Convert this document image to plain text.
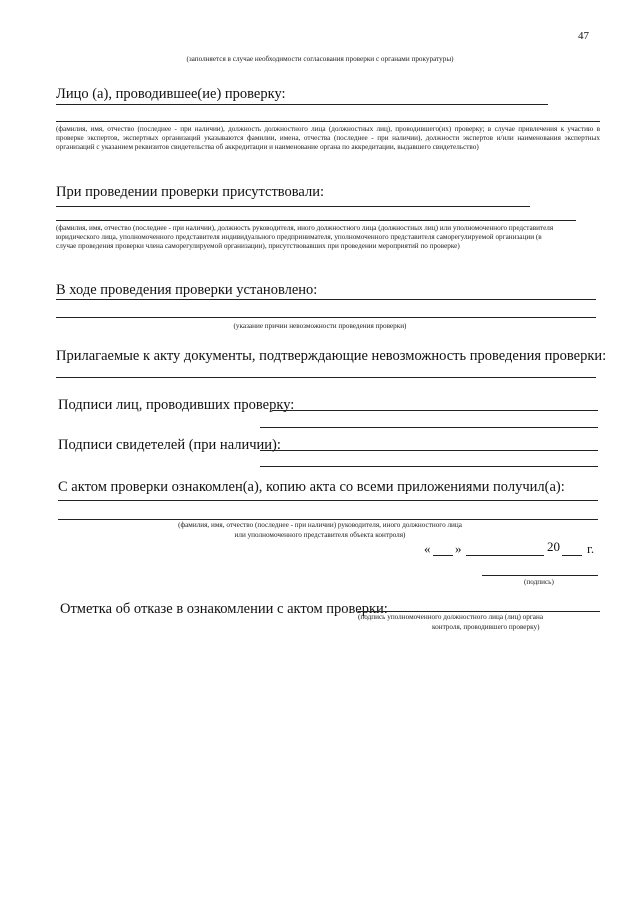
47
(заполняется в случае необходимости согласования проверки с органами прокуратуры)
Лицо (а), проводившее(ие) проверку:
(фамилия, имя, отчество (последнее - при наличии), должность должностного лица (должностных лиц), проводившего(их) проверку; в случае привлечения к участию в проверке экспертов, экспертных организаций указываются фамилии, имена, отчества (последнее - при наличии), должности экспертов и/или наименования экспертных организаций с указанием реквизитов свидетельства об аккредитации и наименование органа по аккредитации, выдавшего свидетельство)
При проведении проверки присутствовали:
(фамилия, имя, отчество (последнее - при наличии), должность руководителя, иного должностного лица (должностных лиц) или уполномоченного представителя юридического лица, уполномоченного представителя индивидуального предпринимателя, уполномоченного представителя саморегулируемой организации (в случае проведения проверки члена саморегулируемой организации), присутствовавших при проведении мероприятий по проверке)
В ходе проведения проверки установлено:
(указание причин невозможности проведения проверки)
Прилагаемые к акту документы, подтверждающие невозможность проведения проверки:
Подписи лиц, проводивших проверку:
Подписи свидетелей (при наличии):
С актом проверки ознакомлен(а), копию акта со всеми приложениями получил(а):
(фамилия, имя, отчество (последнее - при наличии) руководителя, иного должностного лица
или уполномоченного представителя объекта контроля)
« »	20 г.
(подпись)
Отметка об отказе в ознакомлении с актом проверки:
(подпись уполномоченного должностного лица (лиц) органа
контроля, проводившего проверку)
